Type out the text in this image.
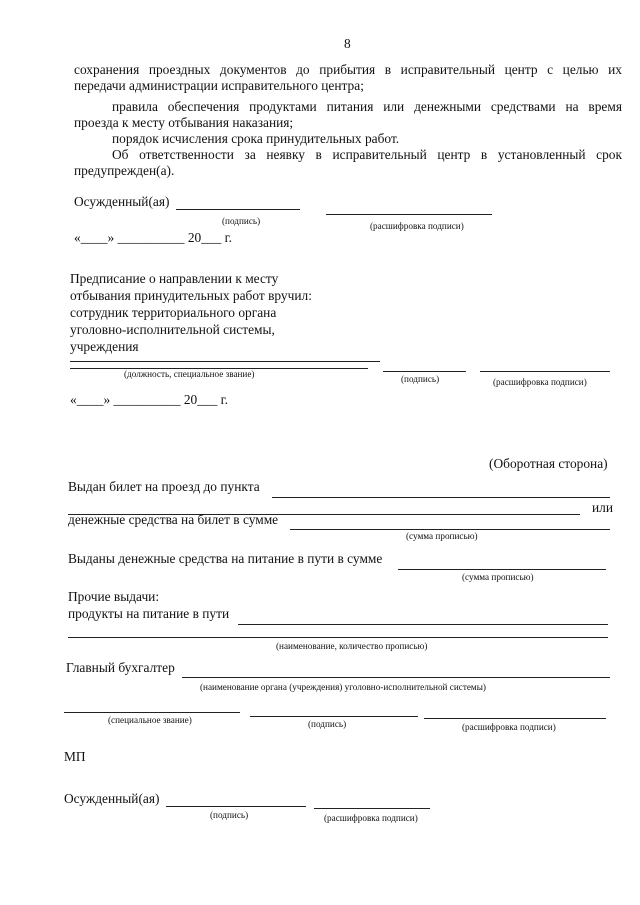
8
сохранения проездных документов до прибытия в исправительный центр с целью их
передачи администрации исправительного центра;
правила обеспечения продуктами питания или денежными средствами на время
проезда к месту отбывания наказания;
порядок исчисления срока принудительных работ.
Об ответственности за неявку в исправительный центр в установленный срок
предупрежден(а).
Осужденный(ая)
(подпись)	(расшифровка подписи)
«____» __________ 20___ г.
Предписание о направлении к месту
отбывания принудительных работ вручил:
сотрудник территориального органа
уголовно-исполнительной системы,
учреждения
(должность, специальное звание)	(подпись)	(расшифровка подписи)
«____» __________ 20___ г.
(Оборотная сторона)
Выдан билет на проезд до пункта
или
денежные средства на билет в сумме
(сумма прописью)
Выданы денежные средства на питание в пути в сумме
(сумма прописью)
Прочие выдачи:
продукты на питание в пути
(наименование, количество прописью)
Главный бухгалтер
(наименование органа (учреждения) уголовно-исполнительной системы)
(специальное звание)	(подпись)	(расшифровка подписи)
МП
Осужденный(ая)
(подпись)	(расшифровка подписи)
